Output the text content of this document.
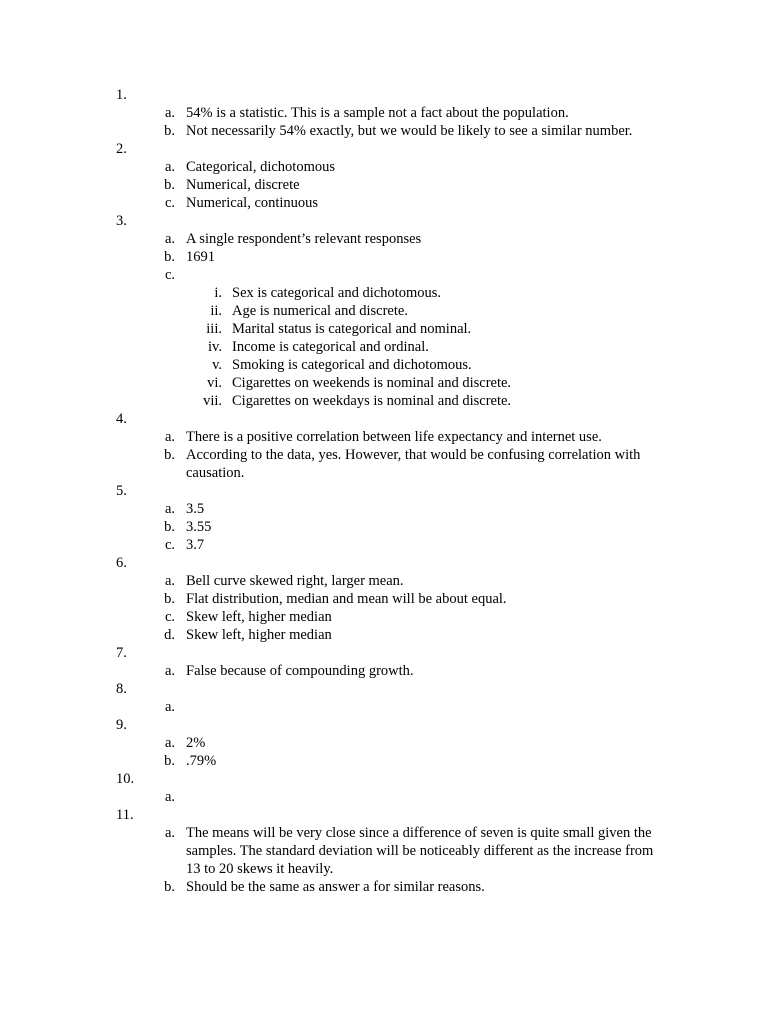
1.
a. 54% is a statistic. This is a sample not a fact about the population.
b. Not necessarily 54% exactly, but we would be likely to see a similar number.
2.
a. Categorical, dichotomous
b. Numerical, discrete
c. Numerical, continuous
3.
a. A single respondent’s relevant responses
b. 1691
c.
i. Sex is categorical and dichotomous.
ii. Age is numerical and discrete.
iii. Marital status is categorical and nominal.
iv. Income is categorical and ordinal.
v. Smoking is categorical and dichotomous.
vi. Cigarettes on weekends is nominal and discrete.
vii. Cigarettes on weekdays is nominal and discrete.
4.
a. There is a positive correlation between life expectancy and internet use.
b. According to the data, yes. However, that would be confusing correlation with causation.
5.
a. 3.5
b. 3.55
c. 3.7
6.
a. Bell curve skewed right, larger mean.
b. Flat distribution, median and mean will be about equal.
c. Skew left, higher median
d. Skew left, higher median
7.
a. False because of compounding growth.
8.
a.
9.
a. 2%
b. .79%
10.
a.
11.
a. The means will be very close since a difference of seven is quite small given the samples. The standard deviation will be noticeably different as the increase from 13 to 20 skews it heavily.
b. Should be the same as answer a for similar reasons.
